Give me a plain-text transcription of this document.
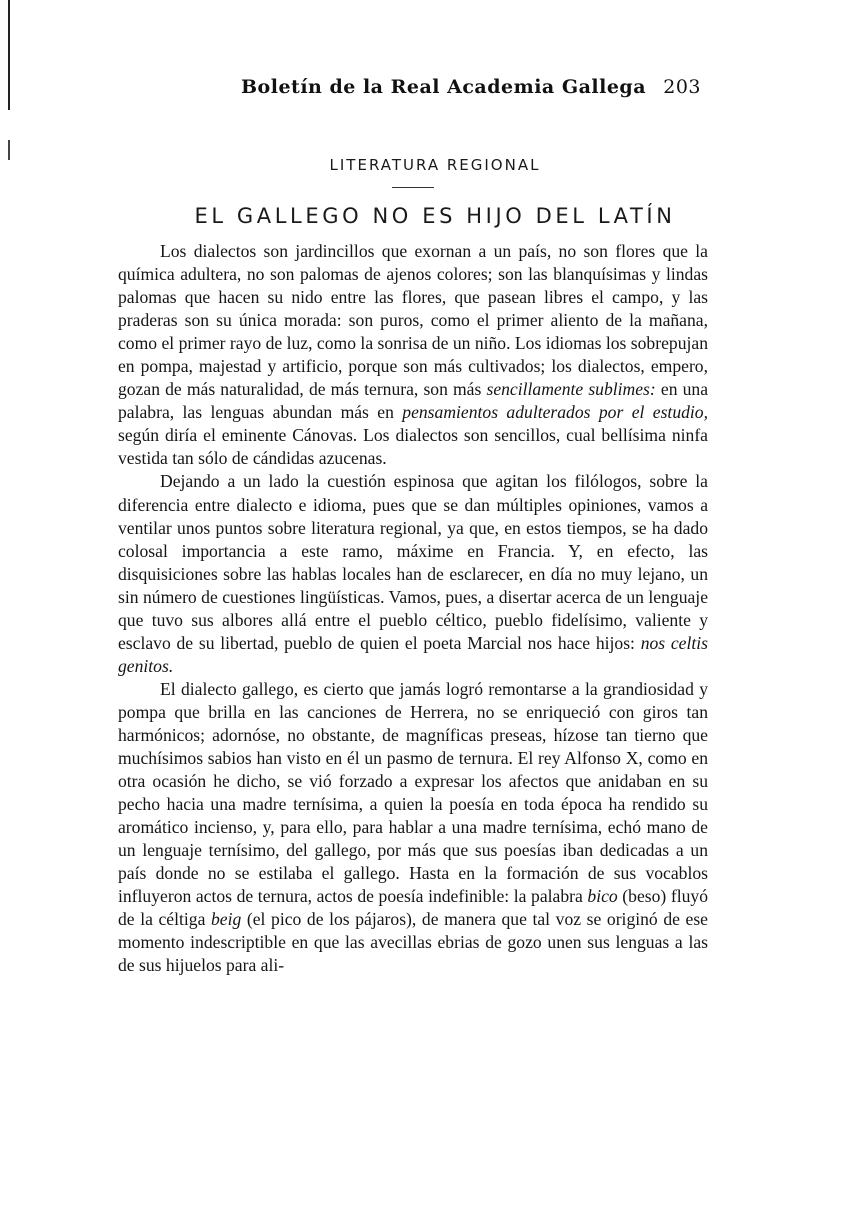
Boletín de la Real Academia Gallega 203
LITERATURA REGIONAL
EL GALLEGO NO ES HIJO DEL LATÍN

Los dialectos son jardincillos que exornan a un país, no son flores que la química adultera, no son palomas de ajenos colores; son las blanquísimas y lindas palomas que hacen su nido entre las flores, que pasean libres el campo, y las praderas son su única morada: son puros, como el primer aliento de la mañana, como el primer rayo de luz, como la sonrisa de un niño. Los idiomas los sobrepujan en pompa, majestad y artificio, porque son más cultivados; los dialectos, empero, gozan de más naturalidad, de más ternura, son más sencillamente sublimes: en una palabra, las lenguas abundan más en pensamientos adulterados por el estudio, según diría el eminente Cánovas. Los dialectos son sencillos, cual bellísima ninfa vestida tan sólo de cándidas azucenas.

Dejando a un lado la cuestión espinosa que agitan los filólogos, sobre la diferencia entre dialecto e idioma, pues que se dan múltiples opiniones, vamos a ventilar unos puntos sobre literatura regional, ya que, en estos tiempos, se ha dado colosal importancia a este ramo, máxime en Francia. Y, en efecto, las disquisiciones sobre las hablas locales han de esclarecer, en día no muy lejano, un sin número de cuestiones lingüísticas. Vamos, pues, a disertar acerca de un lenguaje que tuvo sus albores allá entre el pueblo céltico, pueblo fidelísimo, valiente y esclavo de su libertad, pueblo de quien el poeta Marcial nos hace hijos: nos celtis genitos.

El dialecto gallego, es cierto que jamás logró remontarse a la grandiosidad y pompa que brilla en las canciones de Herrera, no se enriqueció con giros tan harmónicos; adornóse, no obstante, de magníficas preseas, hízose tan tierno que muchísimos sabios han visto en él un pasmo de ternura. El rey Alfonso X, como en otra ocasión he dicho, se vió forzado a expresar los afectos que anidaban en su pecho hacia una madre ternísima, a quien la poesía en toda época ha rendido su aromático incienso, y, para ello, para hablar a una madre ternísima, echó mano de un lenguaje ternísimo, del gallego, por más que sus poesías iban dedicadas a un país donde no se estilaba el gallego. Hasta en la formación de sus vocablos influyeron actos de ternura, actos de poesía indefinible: la palabra bico (beso) fluyó de la céltiga beig (el pico de los pájaros), de manera que tal voz se originó de ese momento indescriptible en que las avecillas ebrias de gozo unen sus lenguas a las de sus hijuelos para ali-
